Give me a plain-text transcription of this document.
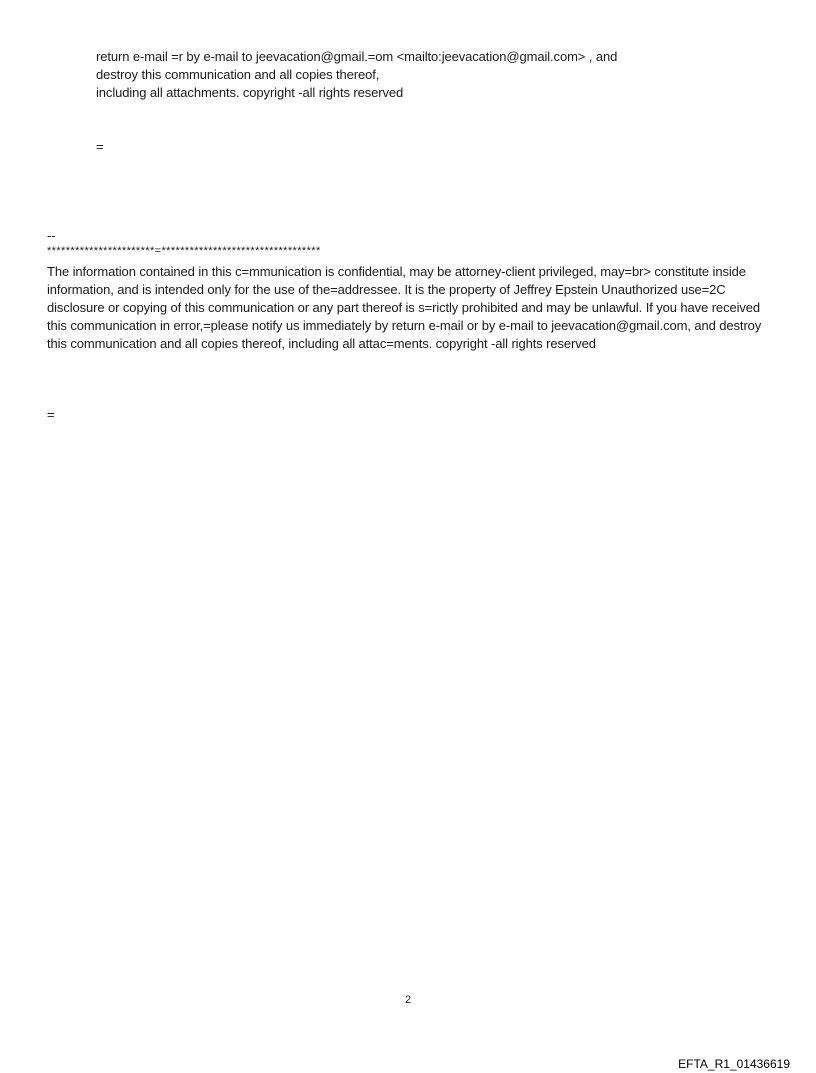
return e-mail =r by e-mail to jeevacation@gmail.=om <mailto:jeevacation@gmail.com> , and
destroy this communication and all copies thereof,
including all attachments. copyright -all rights reserved
=
--
***********************=**********************************
The information contained in this c=mmunication is confidential, may be attorney-client privileged, may=br> constitute inside information, and is intended only for the use of the=addressee. It is the property of Jeffrey Epstein Unauthorized use=2C disclosure or copying of this communication or any part thereof is s=rictly prohibited and may be unlawful. If you have received this communication in error,=please notify us immediately by return e-mail or by e-mail to jeevacation@gmail.com, and destroy this communication and all copies thereof, including all attac=ments. copyright -all rights reserved
=
2
EFTA_R1_01436619
